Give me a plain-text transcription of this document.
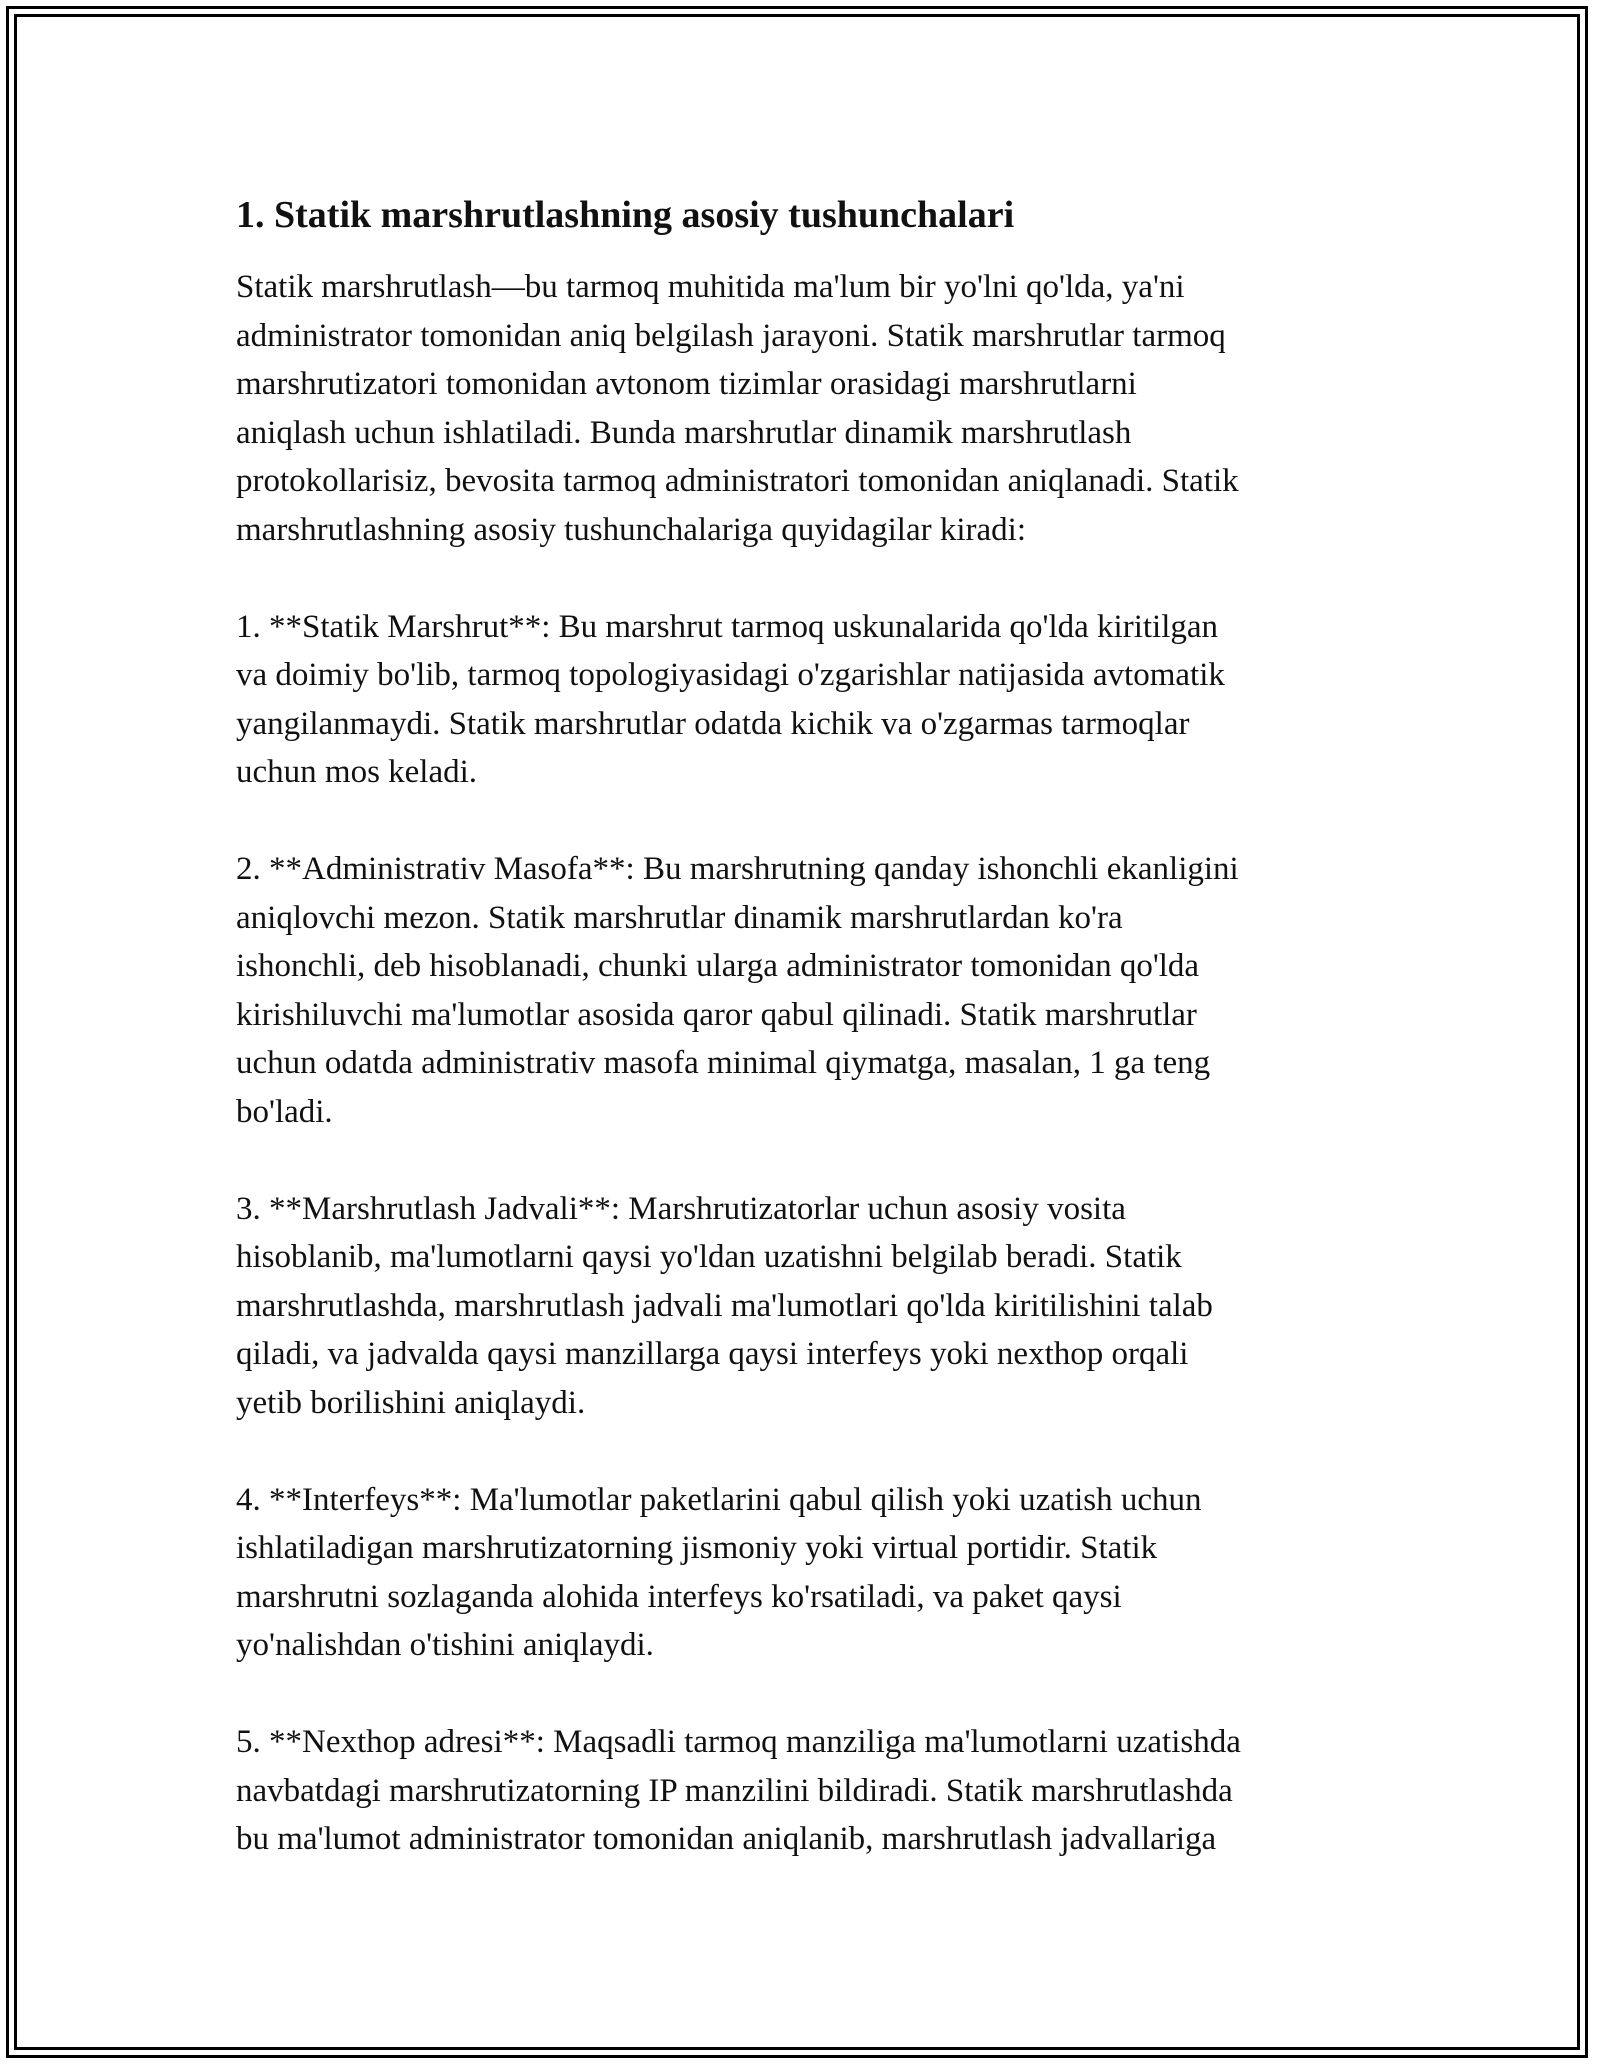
1. Statik marshrutlashning asosiy tushunchalari

Statik marshrutlash—bu tarmoq muhitida ma'lum bir yo'lni qo'lda, ya'ni
administrator tomonidan aniq belgilash jarayoni. Statik marshrutlar tarmoq
marshrutizatori tomonidan avtonom tizimlar orasidagi marshrutlarni
aniqlash uchun ishlatiladi. Bunda marshrutlar dinamik marshrutlash
protokollarisiz, bevosita tarmoq administratori tomonidan aniqlanadi. Statik
marshrutlashning asosiy tushunchalariga quyidagilar kiradi:

1. **Statik Marshrut**: Bu marshrut tarmoq uskunalarida qo'lda kiritilgan
va doimiy bo'lib, tarmoq topologiyasidagi o'zgarishlar natijasida avtomatik
yangilanmaydi. Statik marshrutlar odatda kichik va o'zgarmas tarmoqlar
uchun mos keladi.

2. **Administrativ Masofa**: Bu marshrutning qanday ishonchli ekanligini
aniqlovchi mezon. Statik marshrutlar dinamik marshrutlardan ko'ra
ishonchli, deb hisoblanadi, chunki ularga administrator tomonidan qo'lda
kirishiluvchi ma'lumotlar asosida qaror qabul qilinadi. Statik marshrutlar
uchun odatda administrativ masofa minimal qiymatga, masalan, 1 ga teng
bo'ladi.

3. **Marshrutlash Jadvali**: Marshrutizatorlar uchun asosiy vosita
hisoblanib, ma'lumotlarni qaysi yo'ldan uzatishni belgilab beradi. Statik
marshrutlashda, marshrutlash jadvali ma'lumotlari qo'lda kiritilishini talab
qiladi, va jadvalda qaysi manzillarga qaysi interfeys yoki nexthop orqali
yetib borilishini aniqlaydi.

4. **Interfeys**: Ma'lumotlar paketlarini qabul qilish yoki uzatish uchun
ishlatiladigan marshrutizatorning jismoniy yoki virtual portidir. Statik
marshrutni sozlaganda alohida interfeys ko'rsatiladi, va paket qaysi
yo'nalishdan o'tishini aniqlaydi.

5. **Nexthop adresi**: Maqsadli tarmoq manziliga ma'lumotlarni uzatishda
navbatdagi marshrutizatorning IP manzilini bildiradi. Statik marshrutlashda
bu ma'lumot administrator tomonidan aniqlanib, marshrutlash jadvallariga
